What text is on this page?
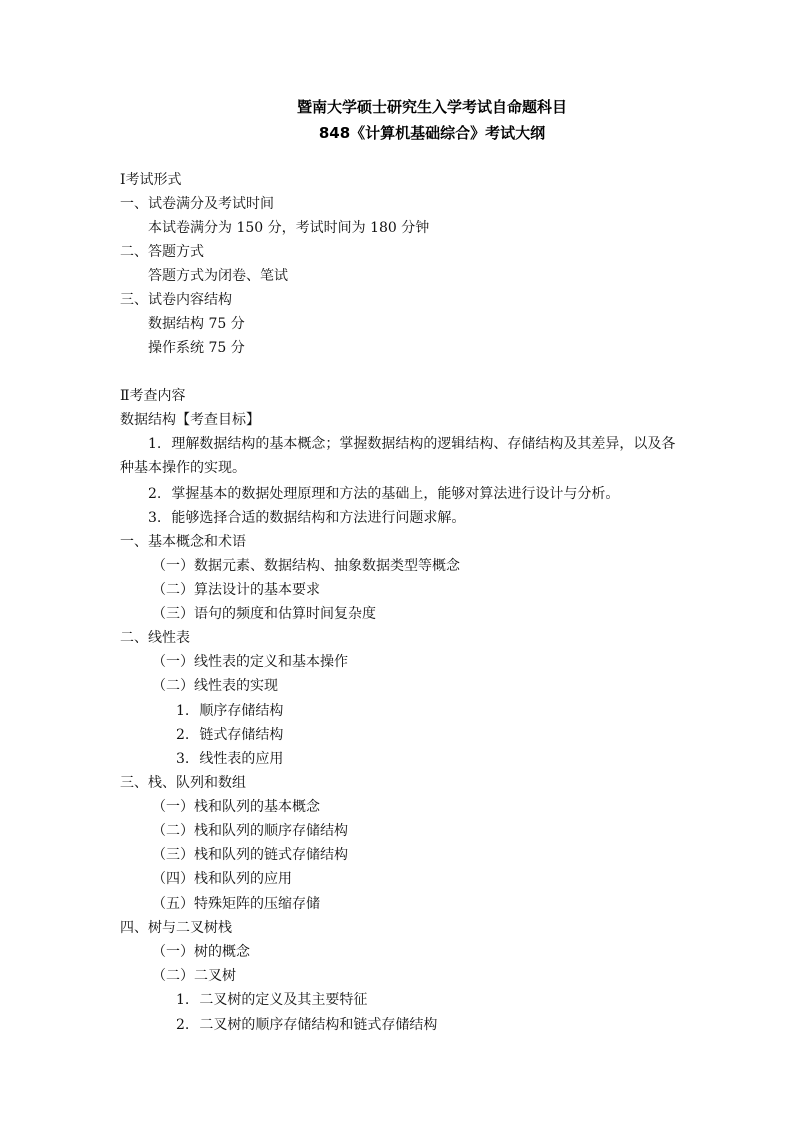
暨南大学硕士研究生入学考试自命题科目
848《计算机基础综合》考试大纲
Ⅰ考试形式
一、试卷满分及考试时间
本试卷满分为 150 分，考试时间为 180 分钟
二、答题方式
答题方式为闭卷、笔试
三、试卷内容结构
数据结构 75 分
操作系统 75 分
Ⅱ考查内容
数据结构【考查目标】
1. 理解数据结构的基本概念；掌握数据结构的逻辑结构、存储结构及其差异，以及各
种基本操作的实现。
2. 掌握基本的数据处理原理和方法的基础上，能够对算法进行设计与分析。
3. 能够选择合适的数据结构和方法进行问题求解。
一、基本概念和术语
（一）数据元素、数据结构、抽象数据类型等概念
（二）算法设计的基本要求
（三）语句的频度和估算时间复杂度
二、线性表
（一）线性表的定义和基本操作
（二）线性表的实现
1. 顺序存储结构
2. 链式存储结构
3. 线性表的应用
三、栈、队列和数组
（一）栈和队列的基本概念
（二）栈和队列的顺序存储结构
（三）栈和队列的链式存储结构
（四）栈和队列的应用
（五）特殊矩阵的压缩存储
四、树与二叉树栈
（一）树的概念
（二）二叉树
1. 二叉树的定义及其主要特征
2. 二叉树的顺序存储结构和链式存储结构
